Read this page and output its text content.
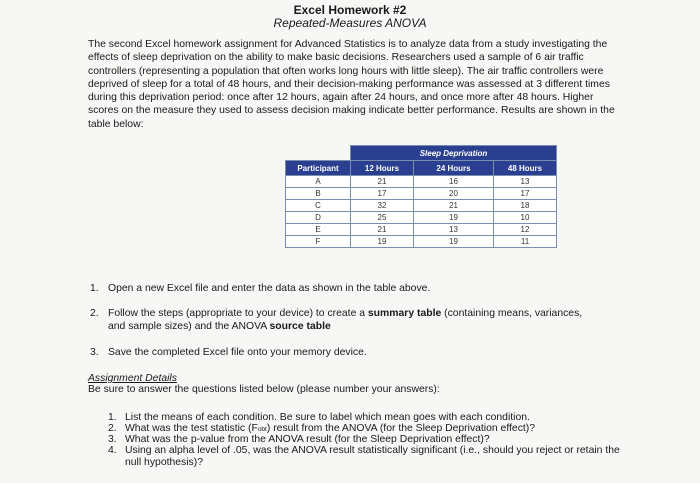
Excel Homework #2
Repeated-Measures ANOVA

The second Excel homework assignment for Advanced Statistics is to analyze data from a study investigating the effects of sleep deprivation on the ability to make basic decisions. Researchers used a sample of 6 air traffic controllers (representing a population that often works long hours with little sleep). The air traffic controllers were deprived of sleep for a total of 48 hours, and their decision-making performance was assessed at 3 different times during this deprivation period: once after 12 hours, again after 24 hours, and once more after 48 hours. Higher scores on the measure they used to assess decision making indicate better performance. Results are shown in the table below:

	Sleep Deprivation		
Participant	12 Hours	24 Hours	48 Hours
A	21	16	13
B	17	20	17
C	32	21	18
D	25	19	10
E	21	13	12
F	19	19	11
1. Open a new Excel file and enter the data as shown in the table above.
2. Follow the steps (appropriate to your device) to create a summary table (containing means, variances, and sample sizes) and the ANOVA source table
3. Save the completed Excel file onto your memory device.
Assignment Details
Be sure to answer the questions listed below (please number your answers):
1. List the means of each condition. Be sure to label which mean goes with each condition.
2. What was the test statistic (Fobt) result from the ANOVA (for the Sleep Deprivation effect)?
3. What was the p-value from the ANOVA result (for the Sleep Deprivation effect)?
4. Using an alpha level of .05, was the ANOVA result statistically significant (i.e., should you reject or retain the null hypothesis)?
